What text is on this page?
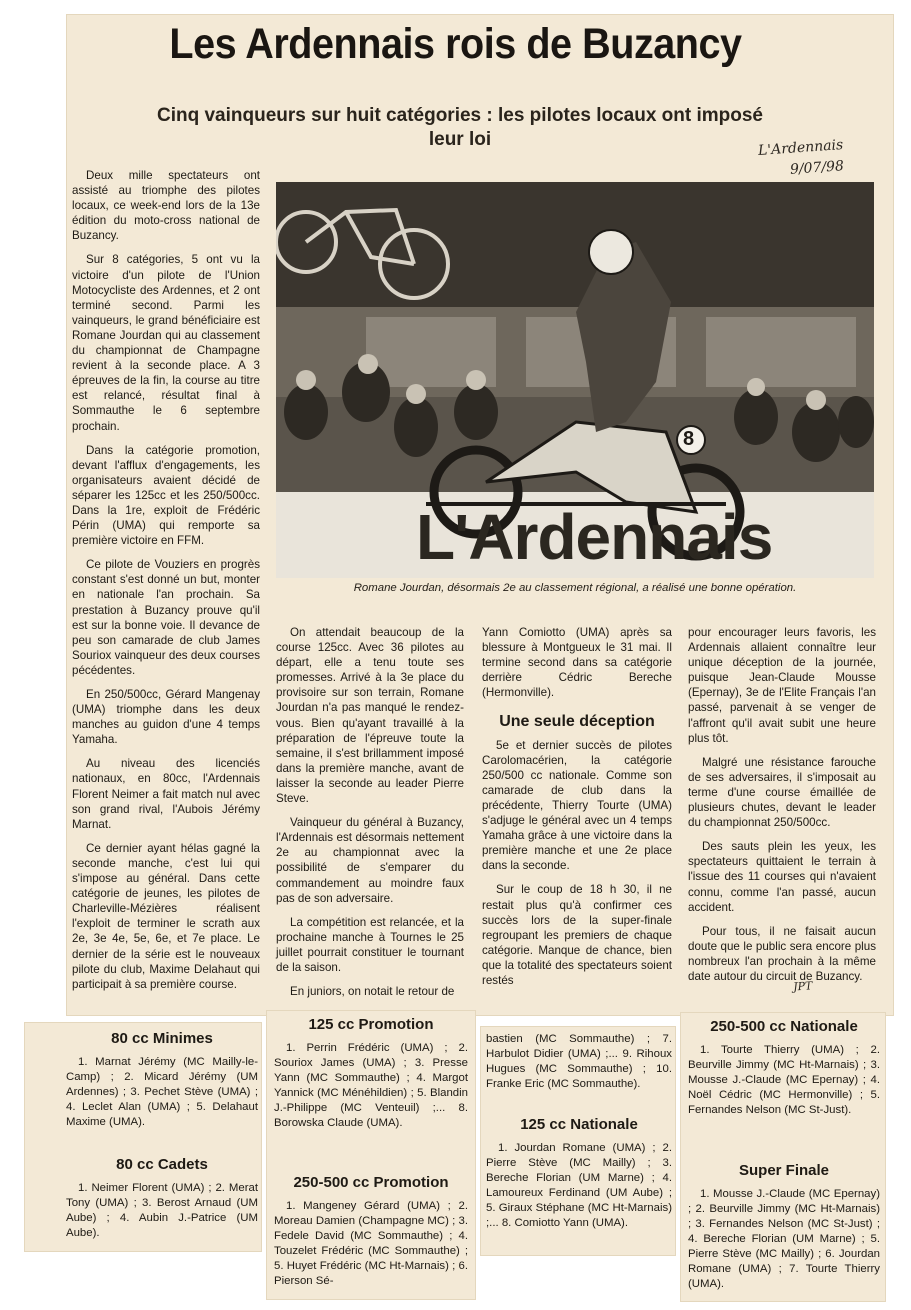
Les Ardennais rois de Buzancy
Cinq vainqueurs sur huit catégories : les pilotes locaux ont imposé leur loi	L'Ardennais
9/07/98
L'Ardennais
8
Romane Jourdan, désormais 2e au classement régional, a réalisé une bonne opération.

Deux mille spectateurs ont assisté au triomphe des pilotes locaux, ce week-end lors de la 13e édition du moto-cross national de Buzancy.

Sur 8 catégories, 5 ont vu la victoire d'un pilote de l'Union Motocycliste des Ardennes, et 2 ont terminé second. Parmi les vainqueurs, le grand bénéficiaire est Romane Jourdan qui au classement du championnat de Champagne revient à la seconde place. A 3 épreuves de la fin, la course au titre est relancé, résultat final à Sommauthe le 6 septembre prochain.

Dans la catégorie promotion, devant l'afflux d'engagements, les organisateurs avaient décidé de séparer les 125cc et les 250/500cc. Dans la 1re, exploit de Frédéric Périn (UMA) qui remporte sa première victoire en FFM.

Ce pilote de Vouziers en progrès constant s'est donné un but, monter en nationale l'an prochain. Sa prestation à Buzancy prouve qu'il est sur la bonne voie. Il devance de peu son camarade de club James Souriox vainqueur des deux courses pécédentes.

En 250/500cc, Gérard Mangenay (UMA) triomphe dans les deux manches au guidon d'une 4 temps Yamaha.

Au niveau des licenciés nationaux, en 80cc, l'Ardennais Florent Neimer a fait match nul avec son grand rival, l'Aubois Jérémy Marnat.

Ce dernier ayant hélas gagné la seconde manche, c'est lui qui s'impose au général. Dans cette catégorie de jeunes, les pilotes de Charleville-Mézières réalisent l'exploit de terminer le scrath aux 2e, 3e 4e, 5e, 6e, et 7e place. Le dernier de la série est le nouveaux pilote du club, Maxime Delahaut qui participait à sa première course.

On attendait beaucoup de la course 125cc. Avec 36 pilotes au départ, elle a tenu toute ses promesses. Arrivé à la 3e place du provisoire sur son terrain, Romane Jourdan n'a pas manqué le rendez-vous. Bien qu'ayant travaillé à la préparation de l'épreuve toute la semaine, il s'est brillamment imposé dans la première manche, avant de laisser la seconde au leader Pierre Steve.

Vainqueur du général à Buzancy, l'Ardennais est désormais nettement 2e au championnat avec la possibilité de s'emparer du commandement au moindre faux pas de son adversaire.

La compétition est relancée, et la prochaine manche à Tournes le 25 juillet pourrait constituer le tournant de la saison.

En juniors, on notait le retour de

Yann Comiotto (UMA) après sa blessure à Montgueux le 31 mai. Il termine second dans sa catégorie derrière Cédric Bereche (Hermonville).

Une seule déception

5e et dernier succès de pilotes Carolomacérien, la catégorie 250/500 cc nationale. Comme son camarade de club dans la précédente, Thierry Tourte (UMA) s'adjuge le général avec un 4 temps Yamaha grâce à une victoire dans la première manche et une 2e place dans la seconde.

Sur le coup de 18 h 30, il ne restait plus qu'à confirmer ces succès lors de la super-finale regroupant les premiers de chaque catégorie. Manque de chance, bien que la totalité des spectateurs soient restés

pour encourager leurs favoris, les Ardennais allaient connaître leur unique déception de la journée, puisque Jean-Claude Mousse (Epernay), 3e de l'Elite Français l'an passé, parvenait à se venger de l'affront qu'il avait subit une heure plus tôt.

Malgré une résistance farouche de ses adversaires, il s'imposait au terme d'une course émaillée de plusieurs chutes, devant le leader du championnat 250/500cc.

Des sauts plein les yeux, les spectateurs quittaient le terrain à l'issue des 11 courses qui n'avaient connu, comme l'an passé, aucun accident.

Pour tous, il ne faisait aucun doute que le public sera encore plus nombreux l'an prochain à la même date autour du circuit de Buzancy.

JPT
80 cc Minimes

1. Marnat Jérémy (MC Mailly-le-Camp) ; 2. Micard Jérémy (UM Ardennes) ; 3. Pechet Stève (UMA) ; 4. Leclet Alan (UMA) ; 5. Delahaut Maxime (UMA).

80 cc Cadets

1. Neimer Florent (UMA) ; 2. Merat Tony (UMA) ; 3. Berost Arnaud (UM Aube) ; 4. Aubin J.-Patrice (UM Aube).

125 cc Promotion

1. Perrin Frédéric (UMA) ; 2. Souriox James (UMA) ; 3. Presse Yann (MC Sommauthe) ; 4. Margot Yannick (MC Ménéhildien) ; 5. Blandin J.-Philippe (MC Venteuil) ;... 8. Borowska Claude (UMA).

250-500 cc Promotion

1. Mangeney Gérard (UMA) ; 2. Moreau Damien (Champagne MC) ; 3. Fedele David (MC Sommauthe) ; 4. Touzelet Frédéric (MC Sommauthe) ; 5. Huyet Frédéric (MC Ht-Marnais) ; 6. Pierson Sé-

bastien (MC Sommauthe) ; 7. Harbulot Didier (UMA) ;... 9. Rihoux Hugues (MC Sommauthe) ; 10. Franke Eric (MC Sommauthe).

125 cc Nationale

1. Jourdan Romane (UMA) ; 2. Pierre Stève (MC Mailly) ; 3. Bereche Florian (UM Marne) ; 4. Lamoureux Ferdinand (UM Aube) ; 5. Giraux Stéphane (MC Ht-Marnais) ;... 8. Comiotto Yann (UMA).

250-500 cc Nationale

1. Tourte Thierry (UMA) ; 2. Beurville Jimmy (MC Ht-Marnais) ; 3. Mousse J.-Claude (MC Epernay) ; 4. Noël Cédric (MC Hermonville) ; 5. Fernandes Nelson (MC St-Just).

Super Finale

1. Mousse J.-Claude (MC Epernay) ; 2. Beurville Jimmy (MC Ht-Marnais) ; 3. Fernandes Nelson (MC St-Just) ; 4. Bereche Florian (UM Marne) ; 5. Pierre Stève (MC Mailly) ; 6. Jourdan Romane (UMA) ; 7. Tourte Thierry (UMA).
